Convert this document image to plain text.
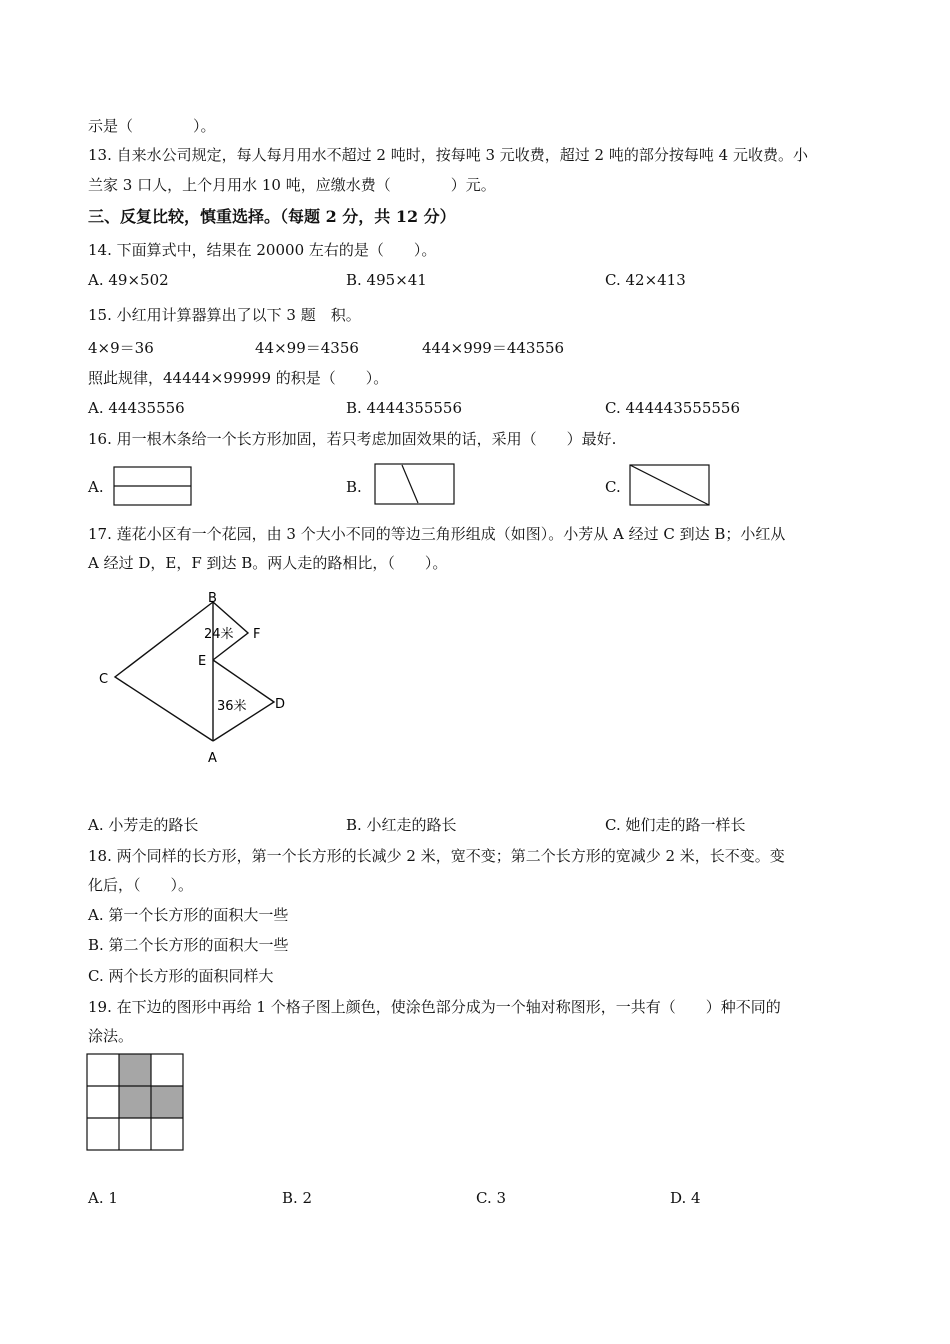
示是（　　　　）。
13. 自来水公司规定，每人每月用水不超过 2 吨时，按每吨 3 元收费，超过 2 吨的部分按每吨 4 元收费。小
兰家 3 口人，上个月用水 10 吨，应缴水费（　　　　）元。
三、反复比较，慎重选择。（每题 2 分，共 12 分）
14. 下面算式中，结果在 20000 左右的是（　　）。
A. 49×502	B. 495×41	C. 42×413
15. 小红用计算器算出了以下 3 题　积。
4×9＝36	44×99＝4356	444×999＝443556
照此规律，44444×99999 的积是（　　）。
A. 44435556	B. 4444355556	C. 444443555556
16. 用一根木条给一个长方形加固，若只考虑加固效果的话，采用（　　）最好.
A.	B.	C.
17. 莲花小区有一个花园，由 3 个大小不同的等边三角形组成（如图）。小芳从 A 经过 C 到达 B；小红从
A 经过 D，E，F 到达 B。两人走的路相比，（　　）。
B
F
E
C
D
A
24米
36米
A. 小芳走的路长	B. 小红走的路长	C. 她们走的路一样长
18. 两个同样的长方形，第一个长方形的长减少 2 米，宽不变；第二个长方形的宽减少 2 米，长不变。变
化后，（　　）。
A. 第一个长方形的面积大一些
B. 第二个长方形的面积大一些
C. 两个长方形的面积同样大
19. 在下边的图形中再给 1 个格子图上颜色，使涂色部分成为一个轴对称图形，一共有（　　）种不同的
涂法。
A. 1	B. 2	C. 3	D. 4
